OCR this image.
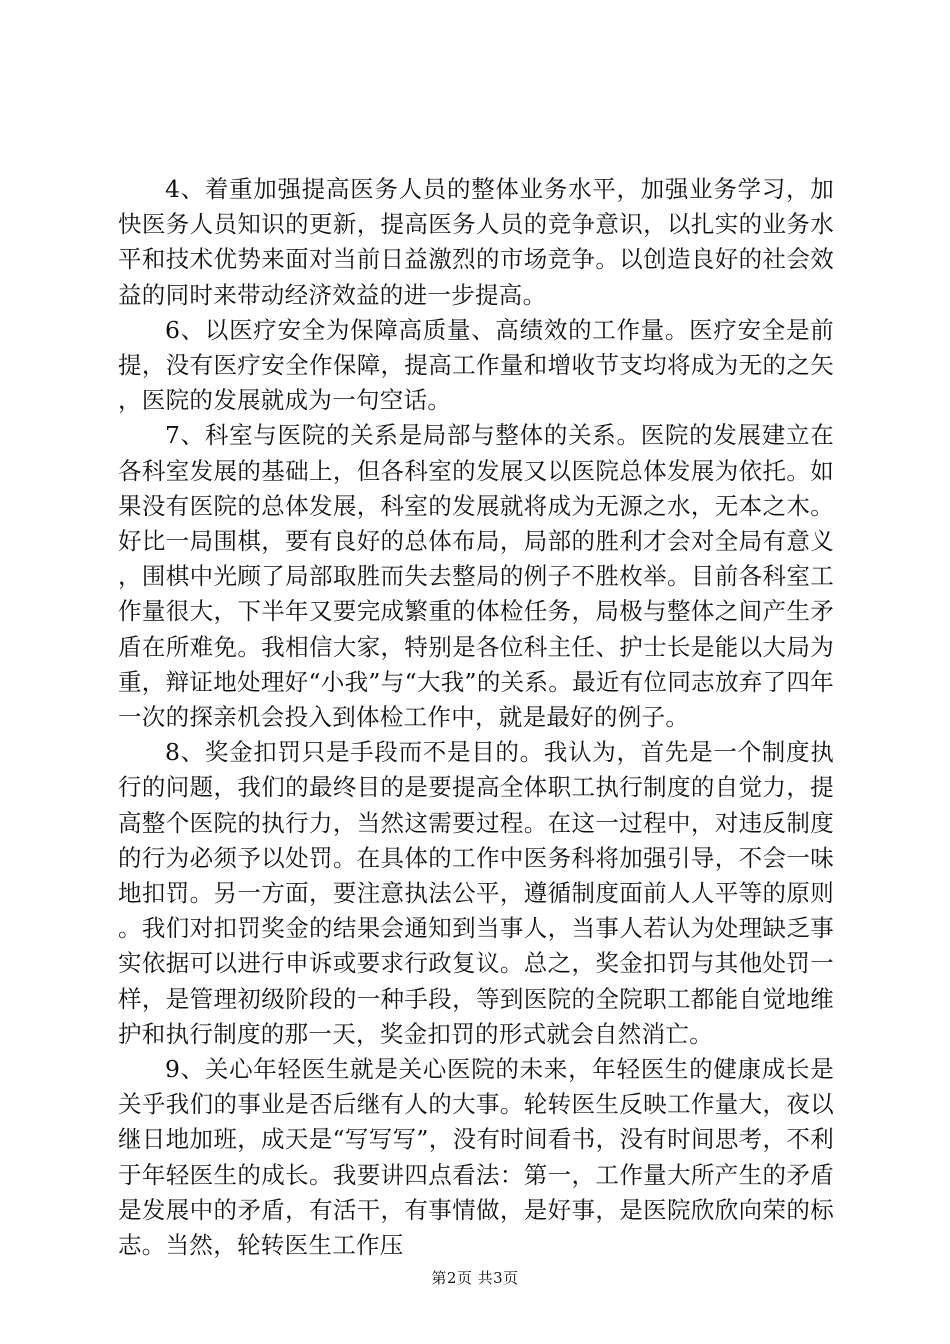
4、着重加强提高医务人员的整体业务水平，加强业务学习，加快医务人员知识的更新，提高医务人员的竞争意识，以扎实的业务水平和技术优势来面对当前日益激烈的市场竞争。以创造良好的社会效益的同时来带动经济效益的进一步提高。

6、以医疗安全为保障高质量、高绩效的工作量。医疗安全是前提，没有医疗安全作保障，提高工作量和增收节支均将成为无的之矢，医院的发展就成为一句空话。

7、科室与医院的关系是局部与整体的关系。医院的发展建立在各科室发展的基础上，但各科室的发展又以医院总体发展为依托。如果没有医院的总体发展，科室的发展就将成为无源之水，无本之木。好比一局围棋，要有良好的总体布局，局部的胜利才会对全局有意义，围棋中光顾了局部取胜而失去整局的例子不胜枚举。目前各科室工作量很大，下半年又要完成繁重的体检任务，局极与整体之间产生矛盾在所难免。我相信大家，特别是各位科主任、护士长是能以大局为重，辩证地处理好“小我”与“大我”的关系。最近有位同志放弃了四年一次的探亲机会投入到体检工作中，就是最好的例子。

8、奖金扣罚只是手段而不是目的。我认为，首先是一个制度执行的问题，我们的最终目的是要提高全体职工执行制度的自觉力，提高整个医院的执行力，当然这需要过程。在这一过程中，对违反制度的行为必须予以处罚。在具体的工作中医务科将加强引导，不会一味地扣罚。另一方面，要注意执法公平，遵循制度面前人人平等的原则。我们对扣罚奖金的结果会通知到当事人，当事人若认为处理缺乏事实依据可以进行申诉或要求行政复议。总之，奖金扣罚与其他处罚一样，是管理初级阶段的一种手段，等到医院的全院职工都能自觉地维护和执行制度的那一天，奖金扣罚的形式就会自然消亡。

9、关心年轻医生就是关心医院的未来，年轻医生的健康成长是关乎我们的事业是否后继有人的大事。轮转医生反映工作量大，夜以继日地加班，成天是“写写写”，没有时间看书，没有时间思考，不利于年轻医生的成长。我要讲四点看法：第一，工作量大所产生的矛盾是发展中的矛盾，有活干，有事情做，是好事，是医院欣欣向荣的标志。当然，轮转医生工作压

第2页 共3页
